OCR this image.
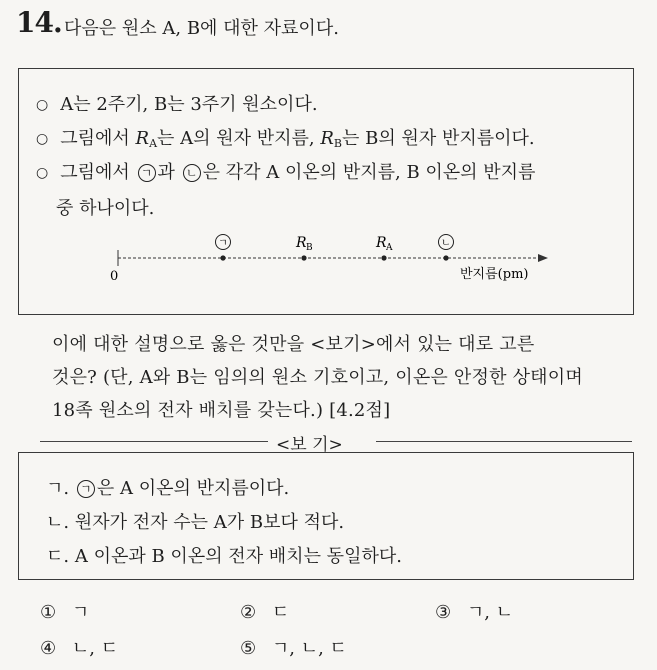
14. 다음은 원소 A, B에 대한 자료이다.
○ A는 2주기, B는 3주기 원소이다.
○ 그림에서 $R_A$는 A의 원자 반지름, $R_B$는 B의 원자 반지름이다.
○ 그림에서 ㄱ 과 ㄴ 은 각각 A 이온의 반지름, B 이온의 반지름
중 하나이다.
0
ㄱ	R B	R A	ㄴ
반지름(pm)
이에 대한 설명으로 옳은 것만을 <보기>에서 있는 대로 고른
것은? (단, A와 B는 임의의 원소 기호이고, 이온은 안정한 상태이며
18족 원소의 전자 배치를 갖는다.) [4.2점]
<보 기>
ㄱ. ㄱ 은 A 이온의 반지름이다.
ㄴ. 원자가 전자 수는 A가 B보다 적다.
ㄷ. A 이온과 B 이온의 전자 배치는 동일하다.
① ㄱ	② ㄷ	③ ㄱ, ㄴ
④ ㄴ, ㄷ	⑤ ㄱ, ㄴ, ㄷ
